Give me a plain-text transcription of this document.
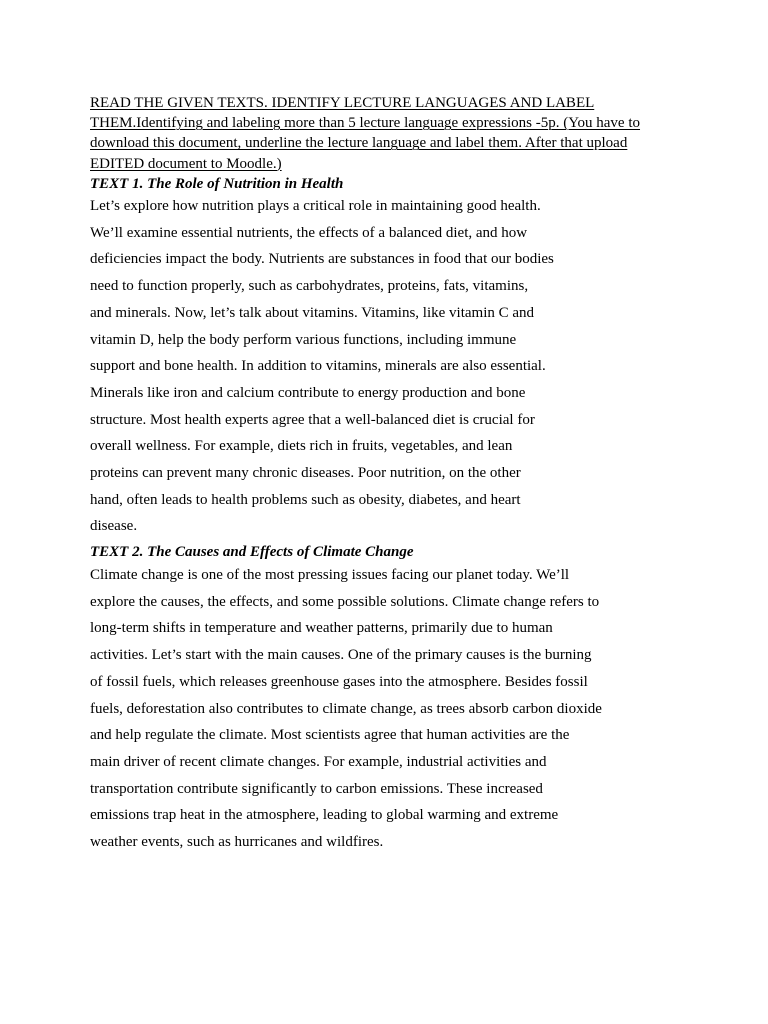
READ THE GIVEN TEXTS. IDENTIFY LECTURE LANGUAGES AND LABEL
THEM.Identifying and labeling more than 5 lecture language expressions -5p. (You have to
download this document, underline the lecture language and label them. After that upload
EDITED document to Moodle.)
TEXT 1. The Role of Nutrition in Health
Let’s explore how nutrition plays a critical role in maintaining good health.
We’ll examine essential nutrients, the effects of a balanced diet, and how
deficiencies impact the body. Nutrients are substances in food that our bodies
need to function properly, such as carbohydrates, proteins, fats, vitamins,
and minerals. Now, let’s talk about vitamins. Vitamins, like vitamin C and
vitamin D, help the body perform various functions, including immune
support and bone health. In addition to vitamins, minerals are also essential.
Minerals like iron and calcium contribute to energy production and bone
structure. Most health experts agree that a well-balanced diet is crucial for
overall wellness. For example, diets rich in fruits, vegetables, and lean
proteins can prevent many chronic diseases. Poor nutrition, on the other
hand, often leads to health problems such as obesity, diabetes, and heart
disease.
TEXT 2. The Causes and Effects of Climate Change
Climate change is one of the most pressing issues facing our planet today. We’ll
explore the causes, the effects, and some possible solutions. Climate change refers to
long-term shifts in temperature and weather patterns, primarily due to human
activities. Let’s start with the main causes. One of the primary causes is the burning
of fossil fuels, which releases greenhouse gases into the atmosphere. Besides fossil
fuels, deforestation also contributes to climate change, as trees absorb carbon dioxide
and help regulate the climate. Most scientists agree that human activities are the
main driver of recent climate changes. For example, industrial activities and
transportation contribute significantly to carbon emissions. These increased
emissions trap heat in the atmosphere, leading to global warming and extreme
weather events, such as hurricanes and wildfires.
